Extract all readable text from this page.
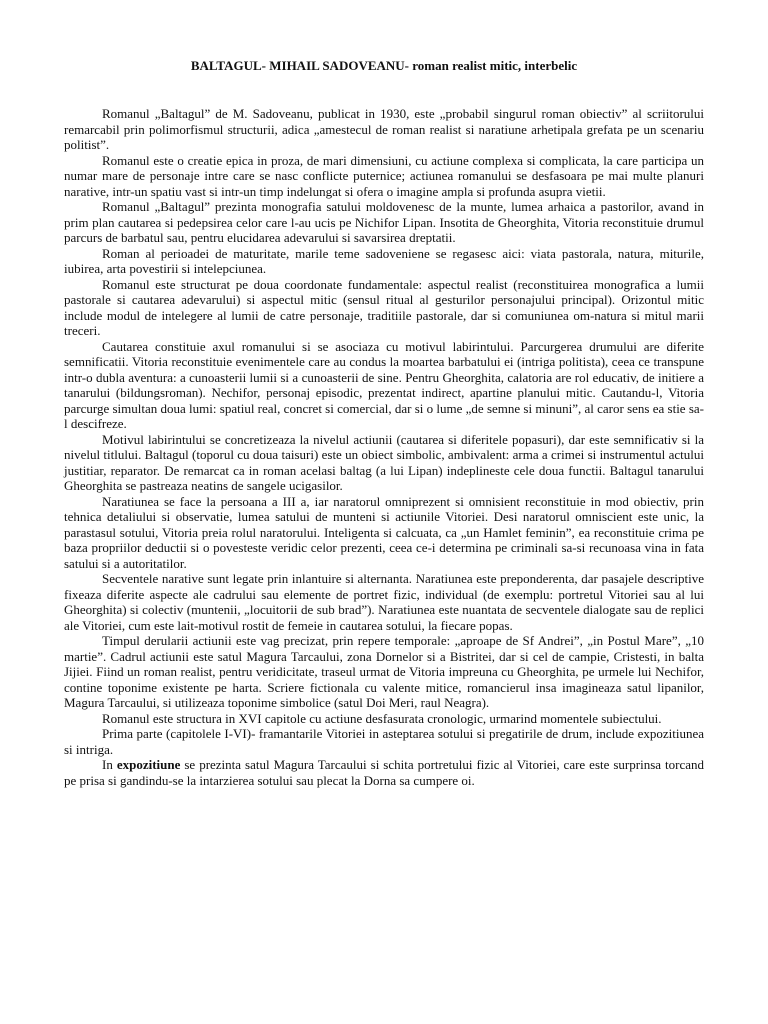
BALTAGUL- MIHAIL SADOVEANU- roman realist mitic, interbelic

Romanul „Baltagul” de M. Sadoveanu, publicat in 1930, este „probabil singurul roman obiectiv” al scriitorului remarcabil prin polimorfismul structurii, adica „amestecul de roman realist si naratiune arhetipala grefata pe un scenariu politist”.

Romanul este o creatie epica in proza, de mari dimensiuni, cu actiune complexa si complicata, la care participa un numar mare de personaje intre care se nasc conflicte puternice; actiunea romanului se desfasoara pe mai multe planuri narative, intr-un spatiu vast si intr-un timp indelungat si ofera o imagine ampla si profunda asupra vietii.

Romanul „Baltagul” prezinta monografia satului moldovenesc de la munte, lumea arhaica a pastorilor, avand in prim plan cautarea si pedepsirea celor care l-au ucis pe Nichifor Lipan. Insotita de Gheorghita, Vitoria reconstituie drumul parcurs de barbatul sau, pentru elucidarea adevarului si savarsirea dreptatii.

Roman al perioadei de maturitate, marile teme sadoveniene se regasesc aici: viata pastorala, natura, miturile, iubirea, arta povestirii si intelepciunea.

Romanul este structurat pe doua coordonate fundamentale: aspectul realist (reconstituirea monografica a lumii pastorale si cautarea adevarului) si aspectul mitic (sensul ritual al gesturilor personajului principal). Orizontul mitic include modul de intelegere al lumii de catre personaje, traditiile pastorale, dar si comuniunea om-natura si mitul marii treceri.

Cautarea constituie axul romanului si se asociaza cu motivul labirintului. Parcurgerea drumului are diferite semnificatii. Vitoria reconstituie evenimentele care au condus la moartea barbatului ei (intriga politista), ceea ce transpune intr-o dubla aventura: a cunoasterii lumii si a cunoasterii de sine. Pentru Gheorghita, calatoria are rol educativ, de initiere a tanarului (bildungsroman). Nechifor, personaj episodic, prezentat indirect, apartine planului mitic. Cautandu-l, Vitoria parcurge simultan doua lumi: spatiul real, concret si comercial, dar si o lume „de semne si minuni”, al caror sens ea stie sa-l descifreze.

Motivul labirintului se concretizeaza la nivelul actiunii (cautarea si diferitele popasuri), dar este semnificativ si la nivelul titlului. Baltagul (toporul cu doua taisuri) este un obiect simbolic, ambivalent: arma a crimei si instrumentul actului justitiar, reparator. De remarcat ca in roman acelasi baltag (a lui Lipan) indeplineste cele doua functii. Baltagul tanarului Gheorghita se pastreaza neatins de sangele ucigasilor.

Naratiunea se face la persoana a III a, iar naratorul omniprezent si omnisient reconstituie in mod obiectiv, prin tehnica detaliului si observatie, lumea satului de munteni si actiunile Vitoriei. Desi naratorul omniscient este unic, la parastasul sotului, Vitoria preia rolul naratorului. Inteligenta si calcuata, ca „un Hamlet feminin”, ea reconstituie crima pe baza propriilor deductii si o povesteste veridic celor prezenti, ceea ce-i determina pe criminali sa-si recunoasa vina in fata satului si a autoritatilor.

Secventele narative sunt legate prin inlantuire si alternanta. Naratiunea este preponderenta, dar pasajele descriptive fixeaza diferite aspecte ale cadrului sau elemente de portret fizic, individual (de exemplu: portretul Vitoriei sau al lui Gheorghita) si colectiv (muntenii, „locuitorii de sub brad”). Naratiunea este nuantata de secventele dialogate sau de replici ale Vitoriei, cum este lait-motivul rostit de femeie in cautarea sotului, la fiecare popas.

Timpul derularii actiunii este vag precizat, prin repere temporale: „aproape de Sf Andrei”, „in Postul Mare”, „10 martie”. Cadrul actiunii este satul Magura Tarcaului, zona Dornelor si a Bistritei, dar si cel de campie, Cristesti, in balta Jijiei. Fiind un roman realist, pentru veridicitate, traseul urmat de Vitoria impreuna cu Gheorghita, pe urmele lui Nechifor, contine toponime existente pe harta. Scriere fictionala cu valente mitice, romancierul insa imagineaza satul lipanilor, Magura Tarcaului, si utilizeaza toponime simbolice (satul Doi Meri, raul Neagra).

Romanul este structura in XVI capitole cu actiune desfasurata cronologic, urmarind momentele subiectului.

Prima parte (capitolele I-VI)- framantarile Vitoriei in asteptarea sotului si pregatirile de drum, include expozitiunea si intriga.

In expozitiune se prezinta satul Magura Tarcaului si schita portretului fizic al Vitoriei, care este surprinsa torcand pe prisa si gandindu-se la intarzierea sotului sau plecat la Dorna sa cumpere oi.
